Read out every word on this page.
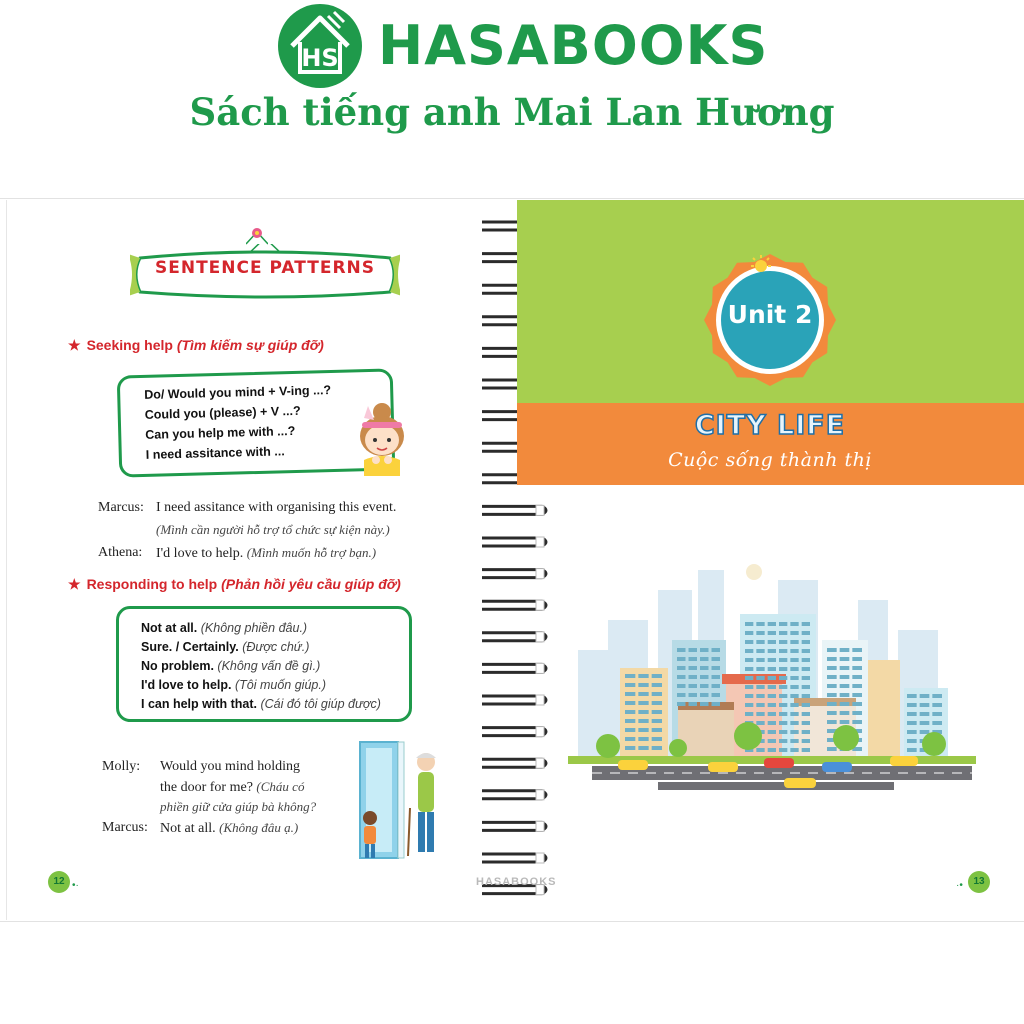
HS HASABOOKS
Sách tiếng anh Mai Lan Hương
SENTENCE PATTERNS
★ Seeking help (Tìm kiếm sự giúp đỡ)
Do/ Would you mind + V-ing ...?
Could you (please) + V ...?
Can you help me with ...?
I need assitance with ...
Marcus: I need assitance with organising this event.
(Mình cần người hỗ trợ tổ chức sự kiện này.)
Athena: I'd love to help. (Mình muốn hỗ trợ bạn.)
★ Responding to help (Phản hồi yêu cầu giúp đỡ)
Not at all. (Không phiền đâu.)
Sure. / Certainly. (Được chứ.)
No problem. (Không vấn đề gì.)
I'd love to help. (Tôi muốn giúp.)
I can help with that. (Cái đó tôi giúp được)
Molly: Would you mind holding
the door for me? (Cháu có
phiền giữ cửa giúp bà không?
Marcus: Not at all. (Không đâu ạ.)
12 •·	HASABOOKS
Unit 2
CITY LIFE
Cuộc sống thành thị
·•	13
